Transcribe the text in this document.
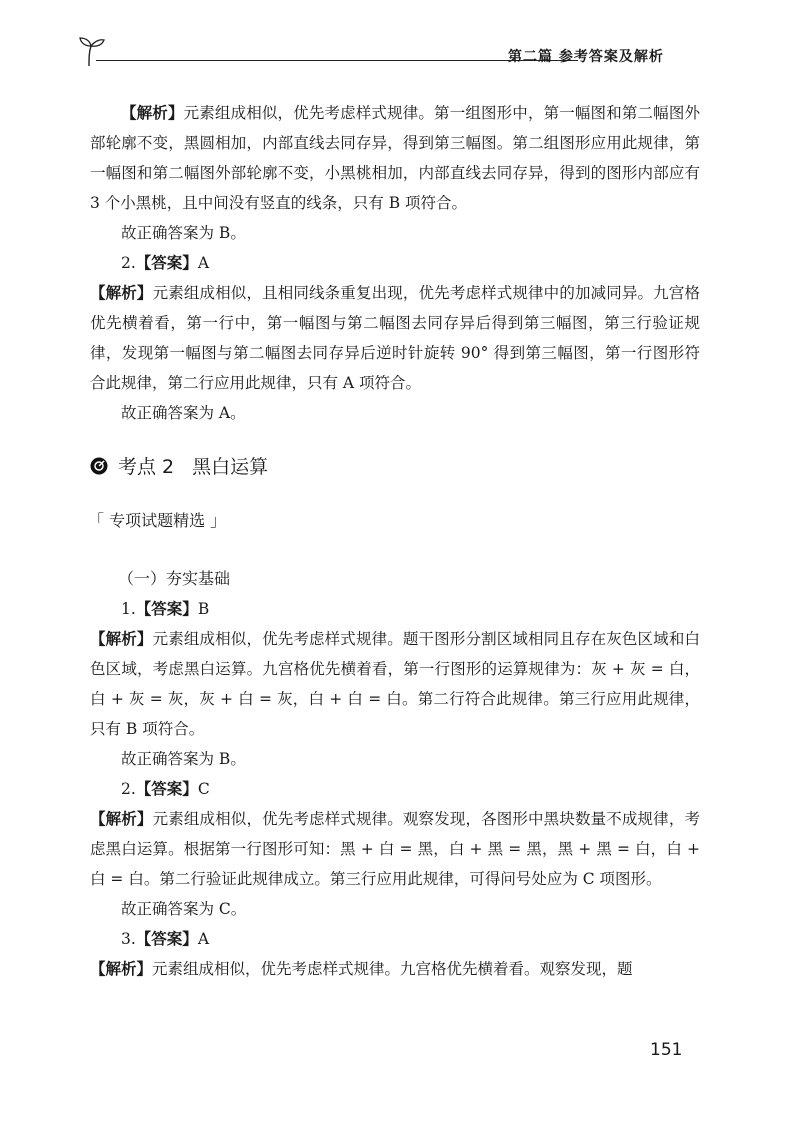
第二篇 参考答案及解析

【解析】元素组成相似，优先考虑样式规律。第一组图形中，第一幅图和第二幅图外部轮廓不变，黑圆相加，内部直线去同存异，得到第三幅图。第二组图形应用此规律，第一幅图和第二幅图外部轮廓不变，小黑桃相加，内部直线去同存异，得到的图形内部应有 3 个小黑桃，且中间没有竖直的线条，只有 B 项符合。

故正确答案为 B。

2.【答案】A

【解析】元素组成相似，且相同线条重复出现，优先考虑样式规律中的加减同异。九宫格优先横着看，第一行中，第一幅图与第二幅图去同存异后得到第三幅图，第三行验证规律，发现第一幅图与第二幅图去同存异后逆时针旋转 90° 得到第三幅图，第一行图形符合此规律，第二行应用此规律，只有 A 项符合。

故正确答案为 A。

考点 2 黑白运算
「 专项试题精选 」
（一）夯实基础

1.【答案】B

【解析】元素组成相似，优先考虑样式规律。题干图形分割区域相同且存在灰色区域和白色区域，考虑黑白运算。九宫格优先横着看，第一行图形的运算规律为：灰 + 灰 = 白，白 + 灰 = 灰，灰 + 白 = 灰，白 + 白 = 白。第二行符合此规律。第三行应用此规律，只有 B 项符合。

故正确答案为 B。

2.【答案】C

【解析】元素组成相似，优先考虑样式规律。观察发现，各图形中黑块数量不成规律，考虑黑白运算。根据第一行图形可知：黑 + 白 = 黑，白 + 黑 = 黑，黑 + 黑 = 白，白 + 白 = 白。第二行验证此规律成立。第三行应用此规律，可得问号处应为 C 项图形。

故正确答案为 C。

3.【答案】A

【解析】元素组成相似，优先考虑样式规律。九宫格优先横着看。观察发现，题

151
